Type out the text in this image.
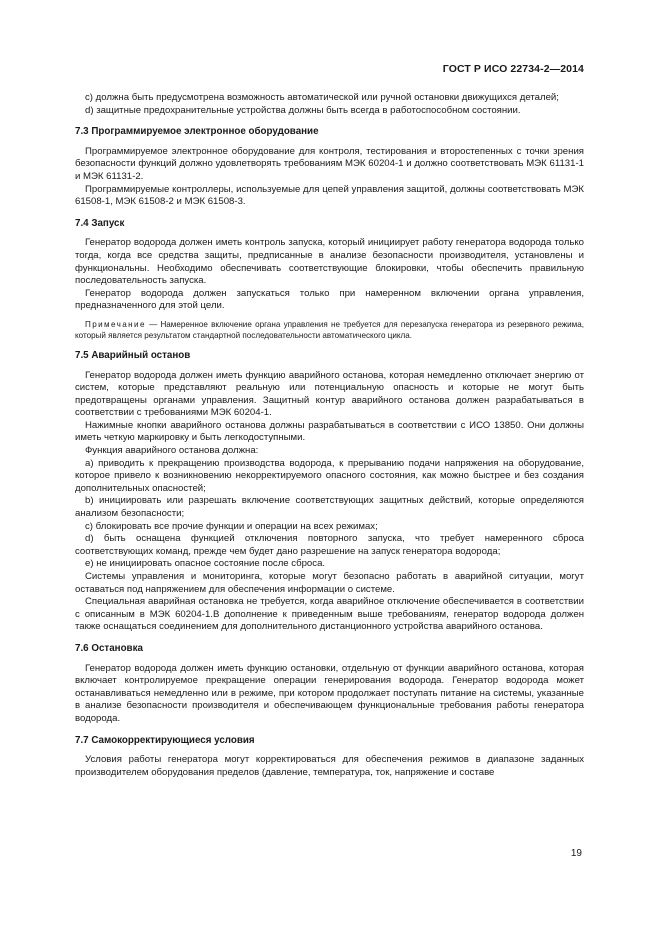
ГОСТ Р ИСО 22734-2—2014

c) должна быть предусмотрена возможность автоматической или ручной остановки движущихся деталей;

d) защитные предохранительные устройства должны быть всегда в работоспособном состоянии.

7.3 Программируемое электронное оборудование

Программируемое электронное оборудование для контроля, тестирования и второстепенных с точки зрения безопасности функций должно удовлетворять требованиям МЭК 60204-1 и должно соответствовать МЭК 61131-1 и МЭК 61131-2.

Программируемые контроллеры, используемые для цепей управления защитой, должны соответствовать МЭК 61508-1, МЭК 61508-2 и МЭК 61508-3.

7.4 Запуск

Генератор водорода должен иметь контроль запуска, который инициирует работу генератора водорода только тогда, когда все средства защиты, предписанные в анализе безопасности производителя, установлены и функциональны. Необходимо обеспечивать соответствующие блокировки, чтобы обеспечить правильную последовательность запуска.

Генератор водорода должен запускаться только при намеренном включении органа управления, предназначенного для этой цели.

Примечание — Намеренное включение органа управления не требуется для перезапуска генератора из резервного режима, который является результатом стандартной последовательности автоматического цикла.

7.5 Аварийный останов

Генератор водорода должен иметь функцию аварийного останова, которая немедленно отключает энергию от систем, которые представляют реальную или потенциальную опасность и которые не могут быть предотвращены органами управления. Защитный контур аварийного останова должен разрабатываться в соответствии с требованиями МЭК 60204-1.

Нажимные кнопки аварийного останова должны разрабатываться в соответствии с ИСО 13850. Они должны иметь четкую маркировку и быть легкодоступными.

Функция аварийного останова должна:

a) приводить к прекращению производства водорода, к прерыванию подачи напряжения на оборудование, которое привело к возникновению некорректируемого опасного состояния, как можно быстрее и без создания дополнительных опасностей;

b) инициировать или разрешать включение соответствующих защитных действий, которые определяются анализом безопасности;

c) блокировать все прочие функции и операции на всех режимах;

d) быть оснащена функцией отключения повторного запуска, что требует намеренного сброса соответствующих команд, прежде чем будет дано разрешение на запуск генератора водорода;

e) не инициировать опасное состояние после сброса.

Системы управления и мониторинга, которые могут безопасно работать в аварийной ситуации, могут оставаться под напряжением для обеспечения информации о системе.

Специальная аварийная остановка не требуется, когда аварийное отключение обеспечивается в соответствии с описанным в МЭК 60204-1.В дополнение к приведенным выше требованиям, генератор водорода должен также оснащаться соединением для дополнительного дистанционного устройства аварийного останова.

7.6 Остановка

Генератор водорода должен иметь функцию остановки, отдельную от функции аварийного останова, которая включает контролируемое прекращение операции генерирования водорода. Генератор водорода может останавливаться немедленно или в режиме, при котором продолжает поступать питание на системы, указанные в анализе безопасности производителя и обеспечивающем функциональные требования работы генератора водорода.

7.7 Самокорректирующиеся условия

Условия работы генератора могут корректироваться для обеспечения режимов в диапазоне заданных производителем оборудования пределов (давление, температура, ток, напряжение и составе

19
